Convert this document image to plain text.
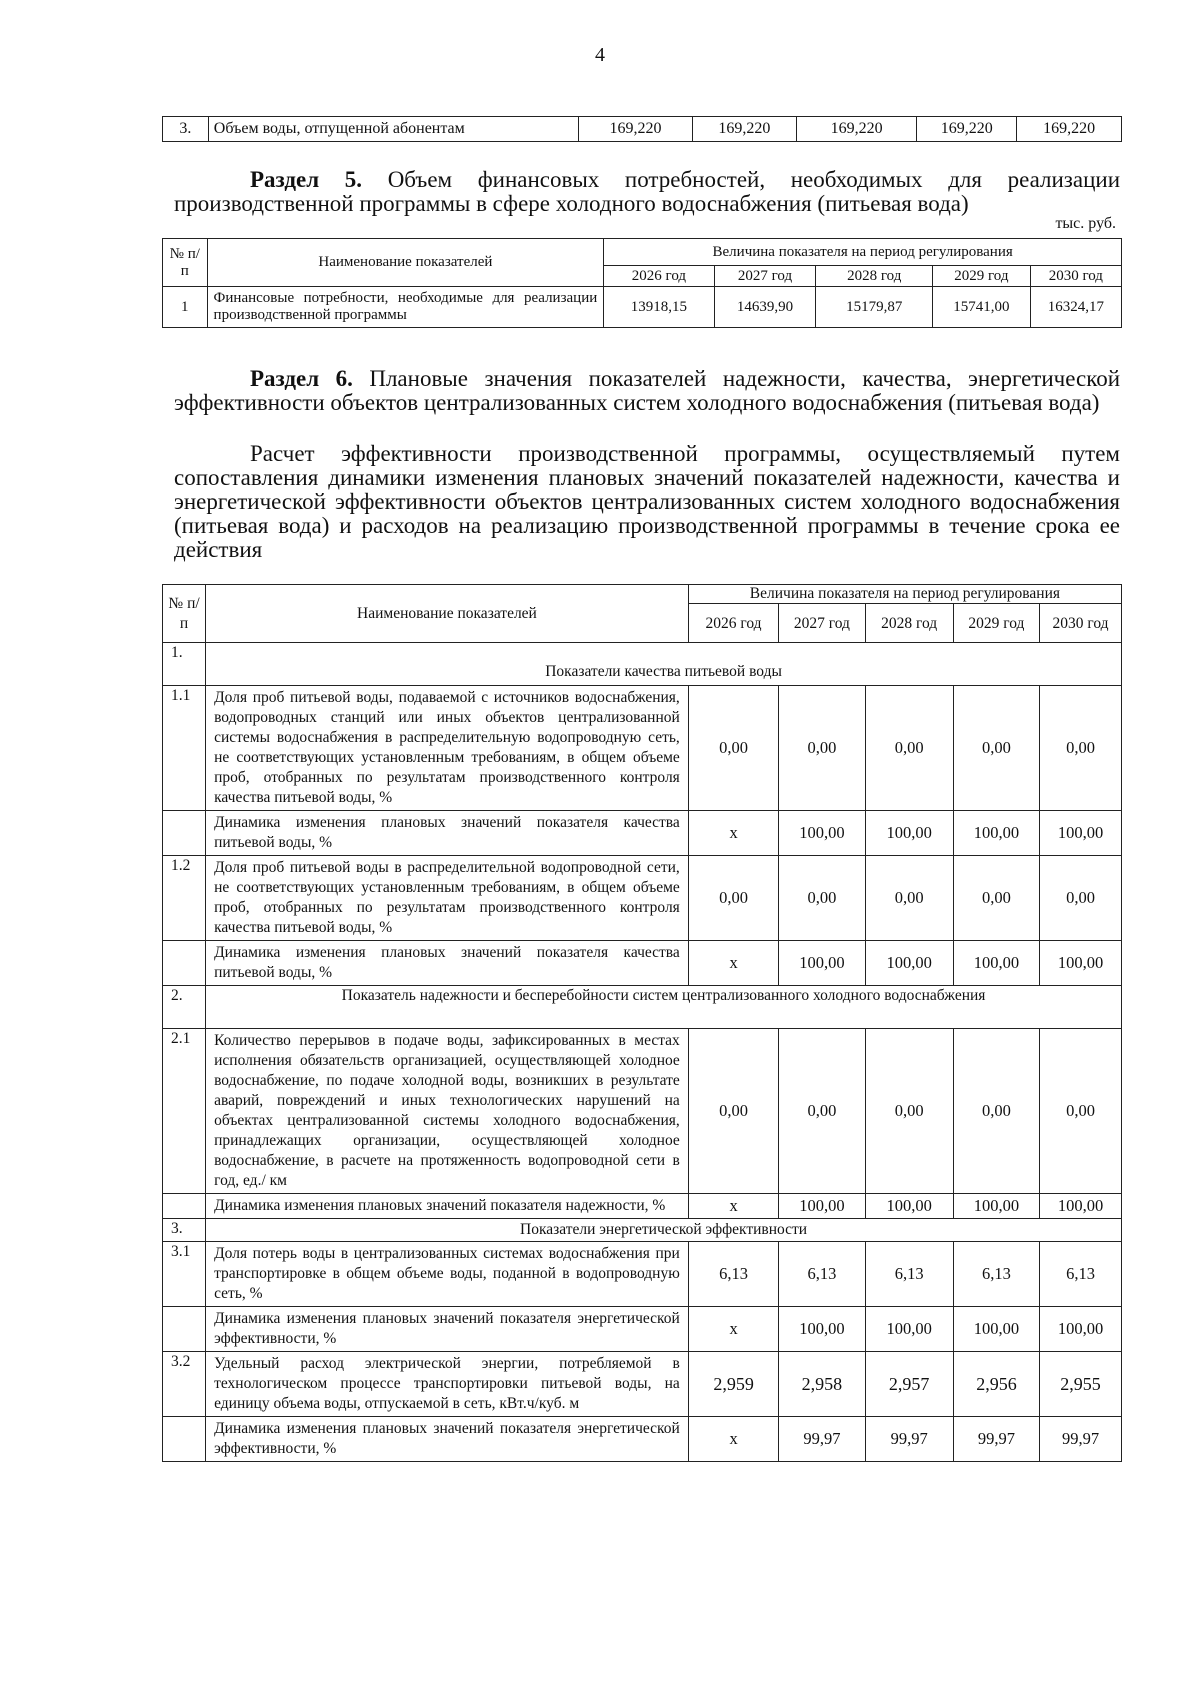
4
3.	Объем воды, отпущенной абонентам	169,220	169,220	169,220	169,220	169,220
Раздел 5. Объем финансовых потребностей, необходимых для реализации производственной программы в сфере холодного водоснабжения (питьевая вода)
тыс. руб.
№ п/п	Наименование показателей	Величина показателя на период регулирования				
		2026 год	2027 год	2028 год	2029 год	2030 год
1	Финансовые потребности, необходимые для реализации производственной программы	13918,15	14639,90	15179,87	15741,00	16324,17
Раздел 6. Плановые значения показателей надежности, качества, энергетической эффективности объектов централизованных систем холодного водоснабжения (питьевая вода)
Расчет эффективности производственной программы, осуществляемый путем сопоставления динамики изменения плановых значений показателей надежности, качества и энергетической эффективности объектов централизованных систем холодного водоснабжения (питьевая вода) и расходов на реализацию производственной программы в течение срока ее действия
№ п/п	Наименование показателей	Величина показателя на период регулирования				
		2026 год	2027 год	2028 год	2029 год	2030 год
1.	Показатели качества питьевой воды					
1.1	Доля проб питьевой воды, подаваемой с источников водоснабжения, водопроводных станций или иных объектов централизованной системы водоснабжения в распределительную водопроводную сеть, не соответствующих установленным требованиям, в общем объеме проб, отобранных по результатам производственного контроля качества питьевой воды, %	0,00	0,00	0,00	0,00	0,00
	Динамика изменения плановых значений показателя качества питьевой воды, %	х	100,00	100,00	100,00	100,00
1.2	Доля проб питьевой воды в распределительной водопроводной сети, не соответствующих установленным требованиям, в общем объеме проб, отобранных по результатам производственного контроля качества питьевой воды, %	0,00	0,00	0,00	0,00	0,00
	Динамика изменения плановых значений показателя качества питьевой воды, %	х	100,00	100,00	100,00	100,00
2.	Показатель надежности и бесперебойности систем централизованного холодного водоснабжения					
2.1	Количество перерывов в подаче воды, зафиксированных в местах исполнения обязательств организацией, осуществляющей холодное водоснабжение, по подаче холодной воды, возникших в результате аварий, повреждений и иных технологических нарушений на объектах централизованной системы холодного водоснабжения, принадлежащих организации, осуществляющей холодное водоснабжение, в расчете на протяженность водопроводной сети в год, ед./ км	0,00	0,00	0,00	0,00	0,00
	Динамика изменения плановых значений показателя надежности, %	х	100,00	100,00	100,00	100,00
3.	Показатели энергетической эффективности					
3.1	Доля потерь воды в централизованных системах водоснабжения при транспортировке в общем объеме воды, поданной в водопроводную сеть, %	6,13	6,13	6,13	6,13	6,13
	Динамика изменения плановых значений показателя энергетической эффективности, %	х	100,00	100,00	100,00	100,00
3.2	Удельный расход электрической энергии, потребляемой в технологическом процессе транспортировки питьевой воды, на единицу объема воды, отпускаемой в сеть, кВт.ч/куб. м	2,959	2,958	2,957	2,956	2,955
	Динамика изменения плановых значений показателя энергетической эффективности, %	х	99,97	99,97	99,97	99,97
